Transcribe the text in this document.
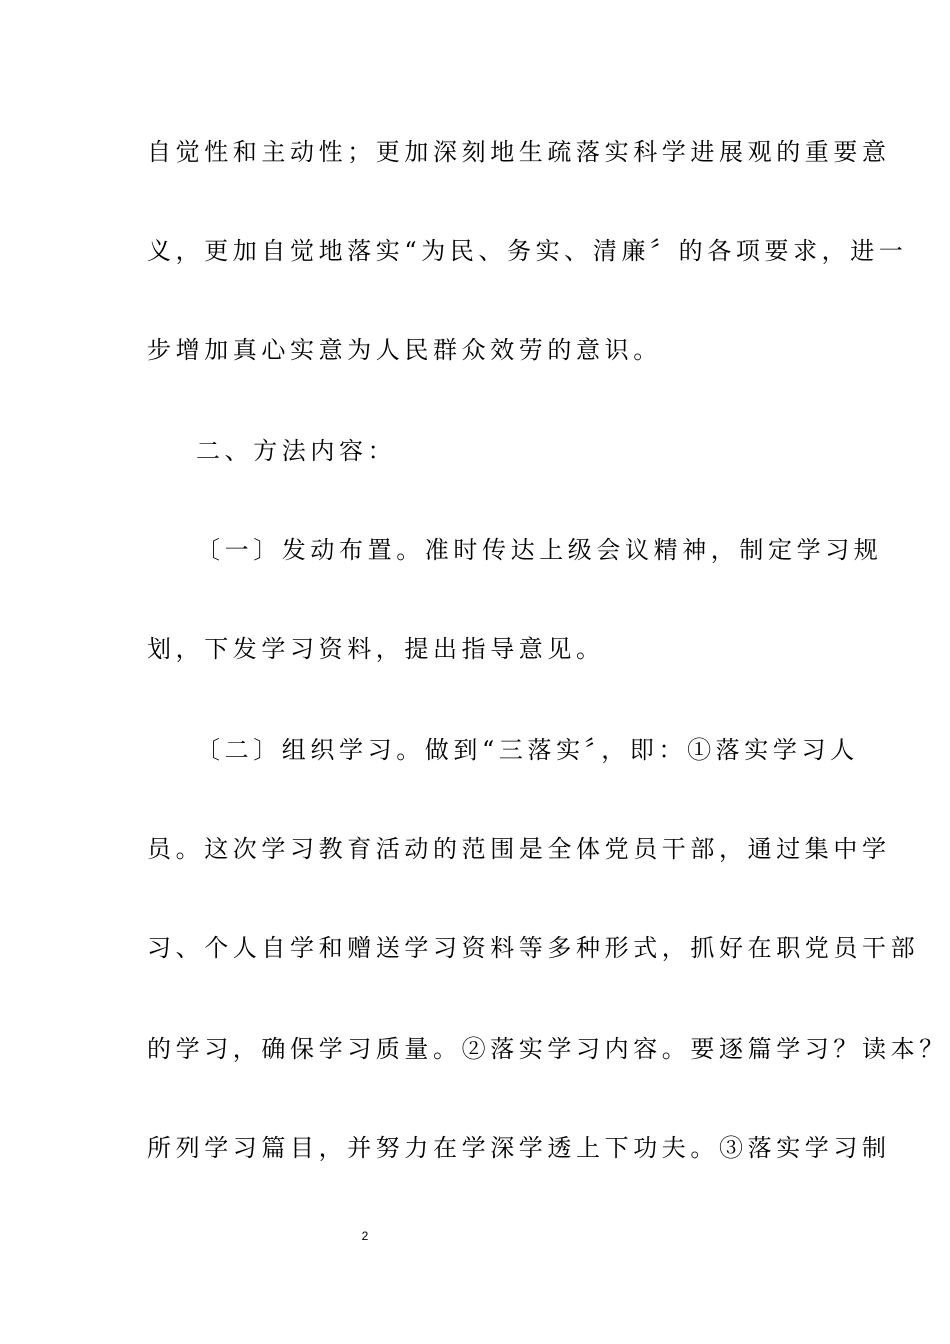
自觉性和主动性；更加深刻地生疏落实科学进展观的重要意
义，更加自觉地落实“为民、务实、清廉〞的各项要求，进一
步增加真心实意为人民群众效劳的意识。
二、方法内容：
〔一〕发动布置。准时传达上级会议精神，制定学习规
划，下发学习资料，提出指导意见。
〔二〕组织学习。做到“三落实〞，即：①落实学习人
员。这次学习教育活动的范围是全体党员干部，通过集中学
习、个人自学和赠送学习资料等多种形式，抓好在职党员干部
的学习，确保学习质量。②落实学习内容。要逐篇学习？读本？
所列学习篇目，并努力在学深学透上下功夫。③落实学习制
2
